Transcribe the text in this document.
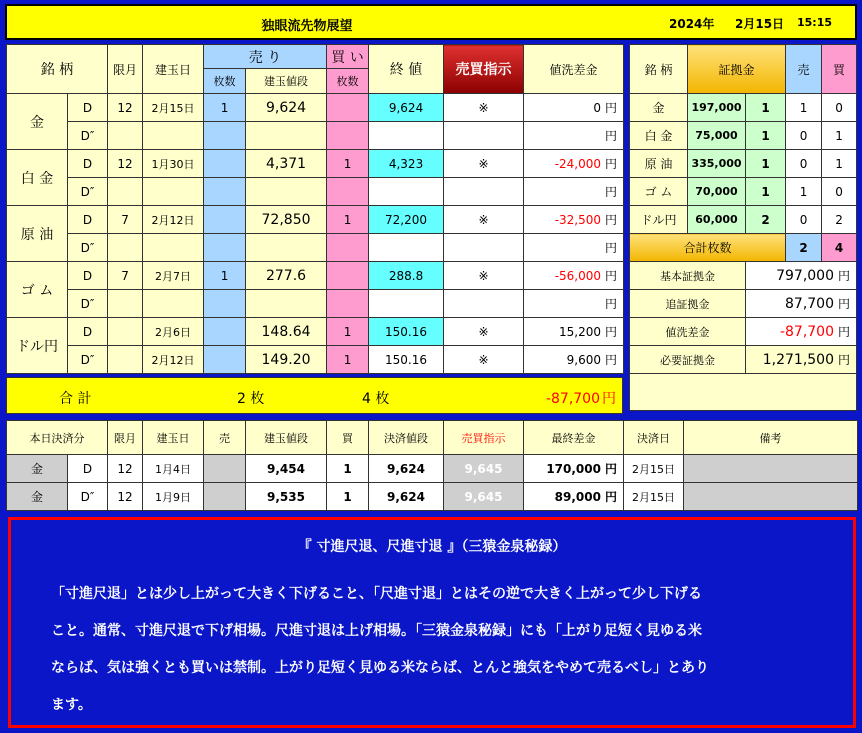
独眼流先物展望	2024年 2月15日 15:15
銘 柄		限月	建玉日	売 り		買 い	終 値	売買指示	値洗差金
				枚数	建玉値段	枚数			
金	D	12	2月15日	1	9,624		9,624	※	0 円
	D″								円
白 金	D	12	1月30日		4,371	1	4,323	※	-24,000 円
	D″								円
原 油	D	7	2月12日		72,850	1	72,200	※	-32,500 円
	D″								円
ゴ ム	D	7	2月7日	1	277.6		288.8	※	-56,000 円
	D″								円
ドル円	D		2月6日		148.64	1	150.16	※	15,200 円
	D″		2月12日		149.20	1	150.16	※	9,600 円
合 計	2 枚	4 枚	-87,700 円
銘 柄	証拠金		売	買
金	197,000	1	1	0
白 金	75,000	1	0	1
原 油	335,000	1	0	1
ゴ ム	70,000	1	1	0
ドル円	60,000	2	0	2
合計枚数			2	4
基本証拠金		797,000 円		
追証拠金		87,700 円		
値洗差金		-87,700 円		
必要証拠金		1,271,500 円		

本日決済分		限月	建玉日	売	建玉値段	買	決済値段	売買指示	最終差金	決済日	備考
金	D	12	1月4日		9,454	1	9,624	9,645	170,000 円	2月15日	
金	D″	12	1月9日		9,535	1	9,624	9,645	89,000 円	2月15日	
『 寸進尺退、尺進寸退 』（三猿金泉秘録）
「寸進尺退」とは少し上がって大きく下げること、「尺進寸退」とはその逆で大きく上がって少し下げる
こと。通常、寸進尺退で下げ相場。尺進寸退は上げ相場。「三猿金泉秘録」にも「上がり足短く見ゆる米
ならば、気は強くとも買いは禁制。上がり足短く見ゆる米ならば、とんと強気をやめて売るべし」とあり
ます。
